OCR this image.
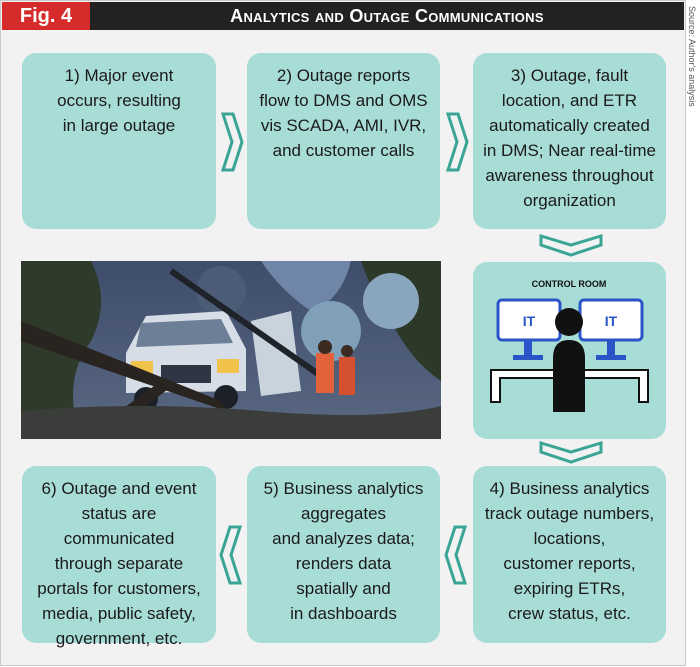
Fig. 4	Analytics and Outage Communications	Source: Author's analysis
1) Major event
occurs, resulting
in large outage
2) Outage reports
flow to DMS and OMS
vis SCADA, AMI, IVR,
and customer calls
3) Outage, fault
location, and ETR
automatically created
in DMS; Near real-time
awareness throughout
organization
4) Business analytics
track outage numbers,
locations,
customer reports,
expiring ETRs,
crew status, etc.
5) Business analytics
aggregates
and analyzes data;
renders data
spatially and
in dashboards
6) Outage and event
status are communicated
through separate
portals for customers,
media, public safety,
government, etc.
CONTROL ROOM
IT	IT
